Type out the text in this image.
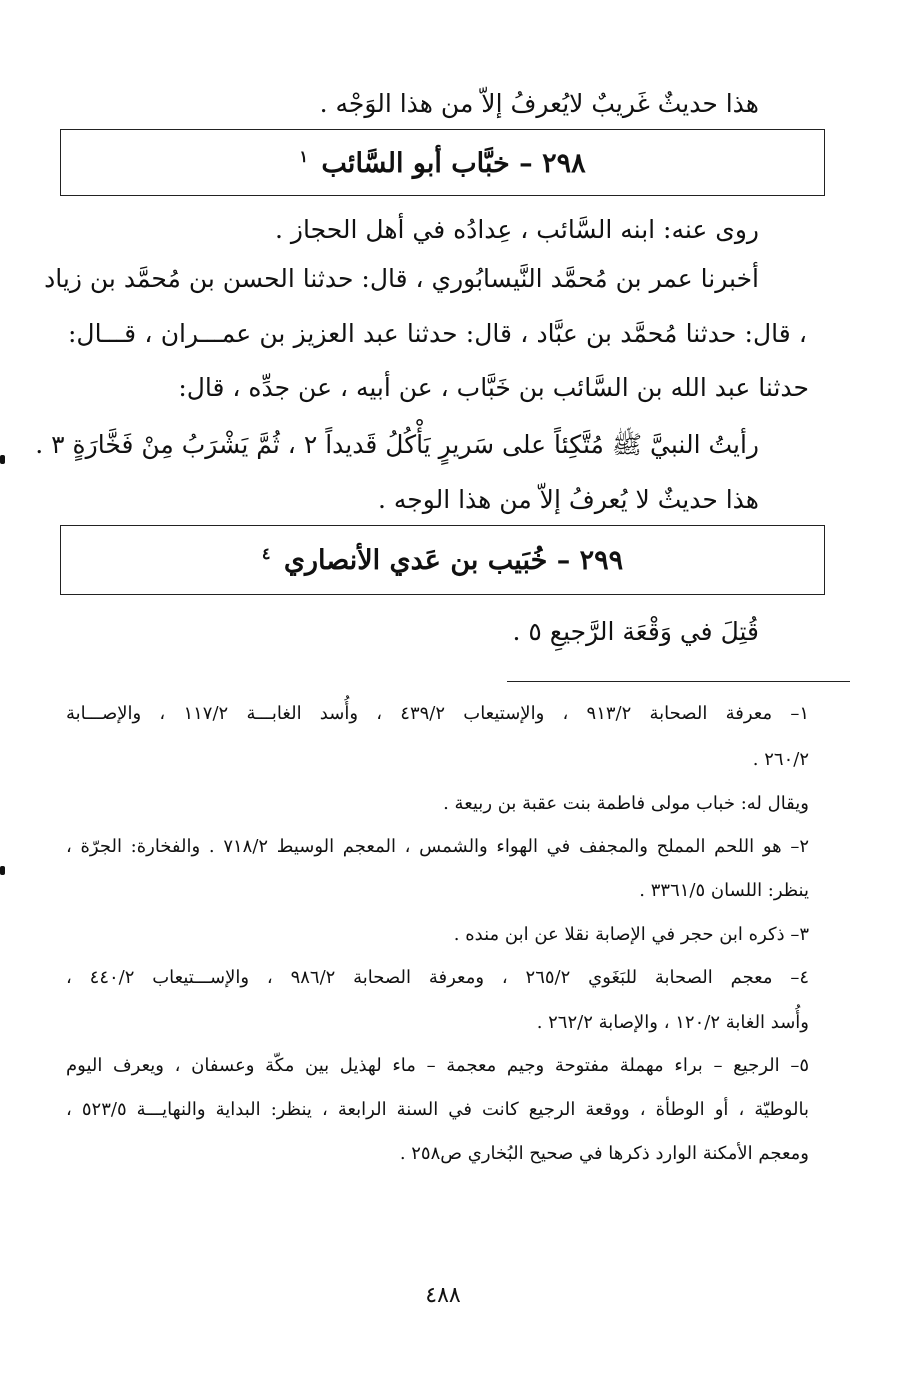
هذا حديثٌ غَريبٌ لايُعرفُ إلاّ من هذا الوَجْه .
٢٩٨ – خبَّاب أبو السَّائب $^١$
روى عنه: ابنه السَّائب ، عِدادُه في أهل الحجاز .
أخبرنا عمر بن مُحمَّد النَّيسابُوري ، قال: حدثنا الحسن بن مُحمَّد بن زياد
، قال: حدثنا مُحمَّد بن عبَّاد ، قال: حدثنا عبد العزيز بن عمـــران ، قـــال:
حدثنا عبد الله بن السَّائب بن خَبَّاب ، عن أبيه ، عن جدِّه ، قال:
رأيتُ النبيَّ ﷺ مُتَّكِئاً على سَريرٍ يَأْكُلُ قَديداً ٢ ، ثُمَّ يَشْرَبُ مِنْ فَخَّارَةٍ ٣ .
هذا حديثٌ لا يُعرفُ إلاّ من هذا الوجه .
٢٩٩ – خُبَيب بن عَدي الأنصاري $^٤$
قُتِلَ في وَقْعَة الرَّجيعِ ٥ .
١– معرفة الصحابة ٩١٣/٢ ، والإستيعاب ٤٣٩/٢ ، وأُسد الغابـــة ١١٧/٢ ، والإصـــابة
٢٦٠/٢ .
ويقال له: خباب مولى فاطمة بنت عقبة بن ربيعة .
٢– هو اللحم المملح والمجفف في الهواء والشمس ، المعجم الوسيط ٧١٨/٢ . والفخارة: الجرّة ،
ينظر: اللسان ٣٣٦١/٥ .
٣– ذكره ابن حجر في الإصابة نقلا عن ابن منده .
٤– معجم الصحابة للبَغَوي ٢٦٥/٢ ، ومعرفة الصحابة ٩٨٦/٢ ، والإســـتيعاب ٤٤٠/٢ ،
وأُسد الغابة ١٢٠/٢ ، والإصابة ٢٦٢/٢ .
٥– الرجيع – براء مهملة مفتوحة وجيم معجمة – ماء لهذيل بين مكّة وعسفان ، ويعرف اليوم
بالوطيّة ، أو الوطأة ، ووقعة الرجيع كانت في السنة الرابعة ، ينظر: البداية والنهايـــة ٥٢٣/٥ ،
ومعجم الأمكنة الوارد ذكرها في صحيح البُخاري ص٢٥٨ .
٤٨٨
